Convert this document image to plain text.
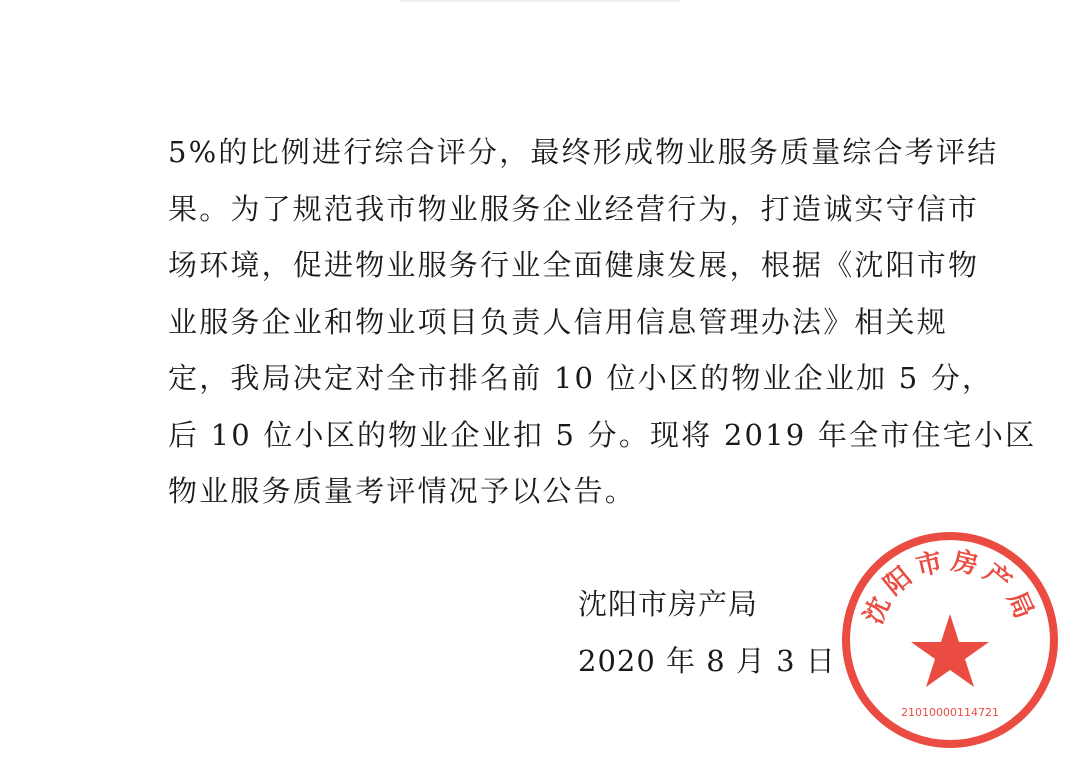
5%的比例进行综合评分，最终形成物业服务质量综合考评结
果。为了规范我市物业服务企业经营行为，打造诚实守信市
场环境，促进物业服务行业全面健康发展，根据《沈阳市物
业服务企业和物业项目负责人信用信息管理办法》相关规
定，我局决定对全市排名前 10 位小区的物业企业加 5 分，
后 10 位小区的物业企业扣 5 分。现将 2019 年全市住宅小区
物业服务质量考评情况予以公告。
沈阳市房产局
2020 年 8 月 3 日
沈阳市房产局
21010000114721
